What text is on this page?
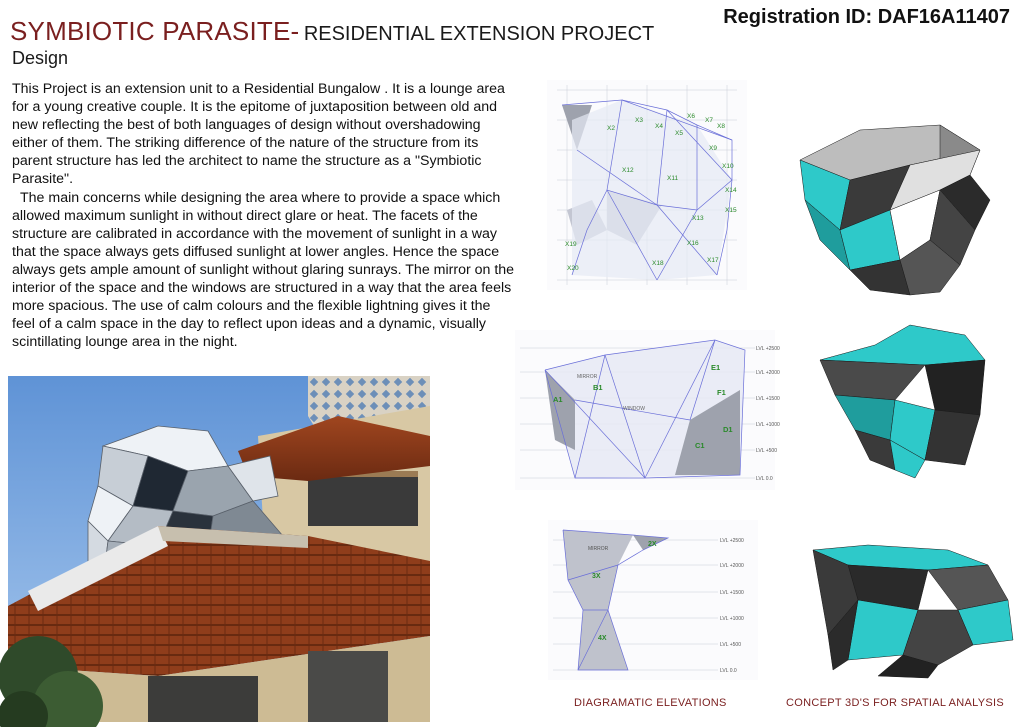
SYMBIOTIC PARASITE- RESIDENTIAL EXTENSION PROJECT
Design
Registration ID: DAF16A11407

This Project is an extension unit to a Residential Bungalow . It is a lounge area for a young creative couple. It is the epitome of juxtaposition between old and new reflecting the best of both languages of design without overshadowing either of them. The striking difference of the nature of the structure from its parent structure has led the architect to name the structure as a "Symbiotic Parasite".

The main concerns while designing the area where to provide a space which allowed maximum sunlight in without direct glare or heat. The facets of the structure are calibrated in accordance with the movement of sunlight in a way that the space always gets diffused sunlight at lower angles. Hence the space always gets ample amount of sunlight without glaring sunrays. The mirror on the interior of the space and the windows are structured in a way that the area feels more spacious. The use of calm colours and the flexible lightning gives it the feel of a calm space in the day to reflect upon ideas and a dynamic, visually scintillating lounge area in the night.

X2
X3
X4
X5
X6
X7
X8
X9
X10
X11
X12
X13
X14
X15
X16
X17
X18
X19
X20
A1
B1
C1
D1
E1
F1
WINDOW
MIRROR
LVL +2500
LVL +2000
LVL +1500
LVL +1000
LVL +500
LVL 0.0
MIRROR
2X
3X
4X
LVL +2500
LVL +2000
LVL +1500
LVL +1000
LVL +500
LVL 0.0
DIAGRAMATIC ELEVATIONS	CONCEPT 3D'S FOR SPATIAL ANALYSIS
